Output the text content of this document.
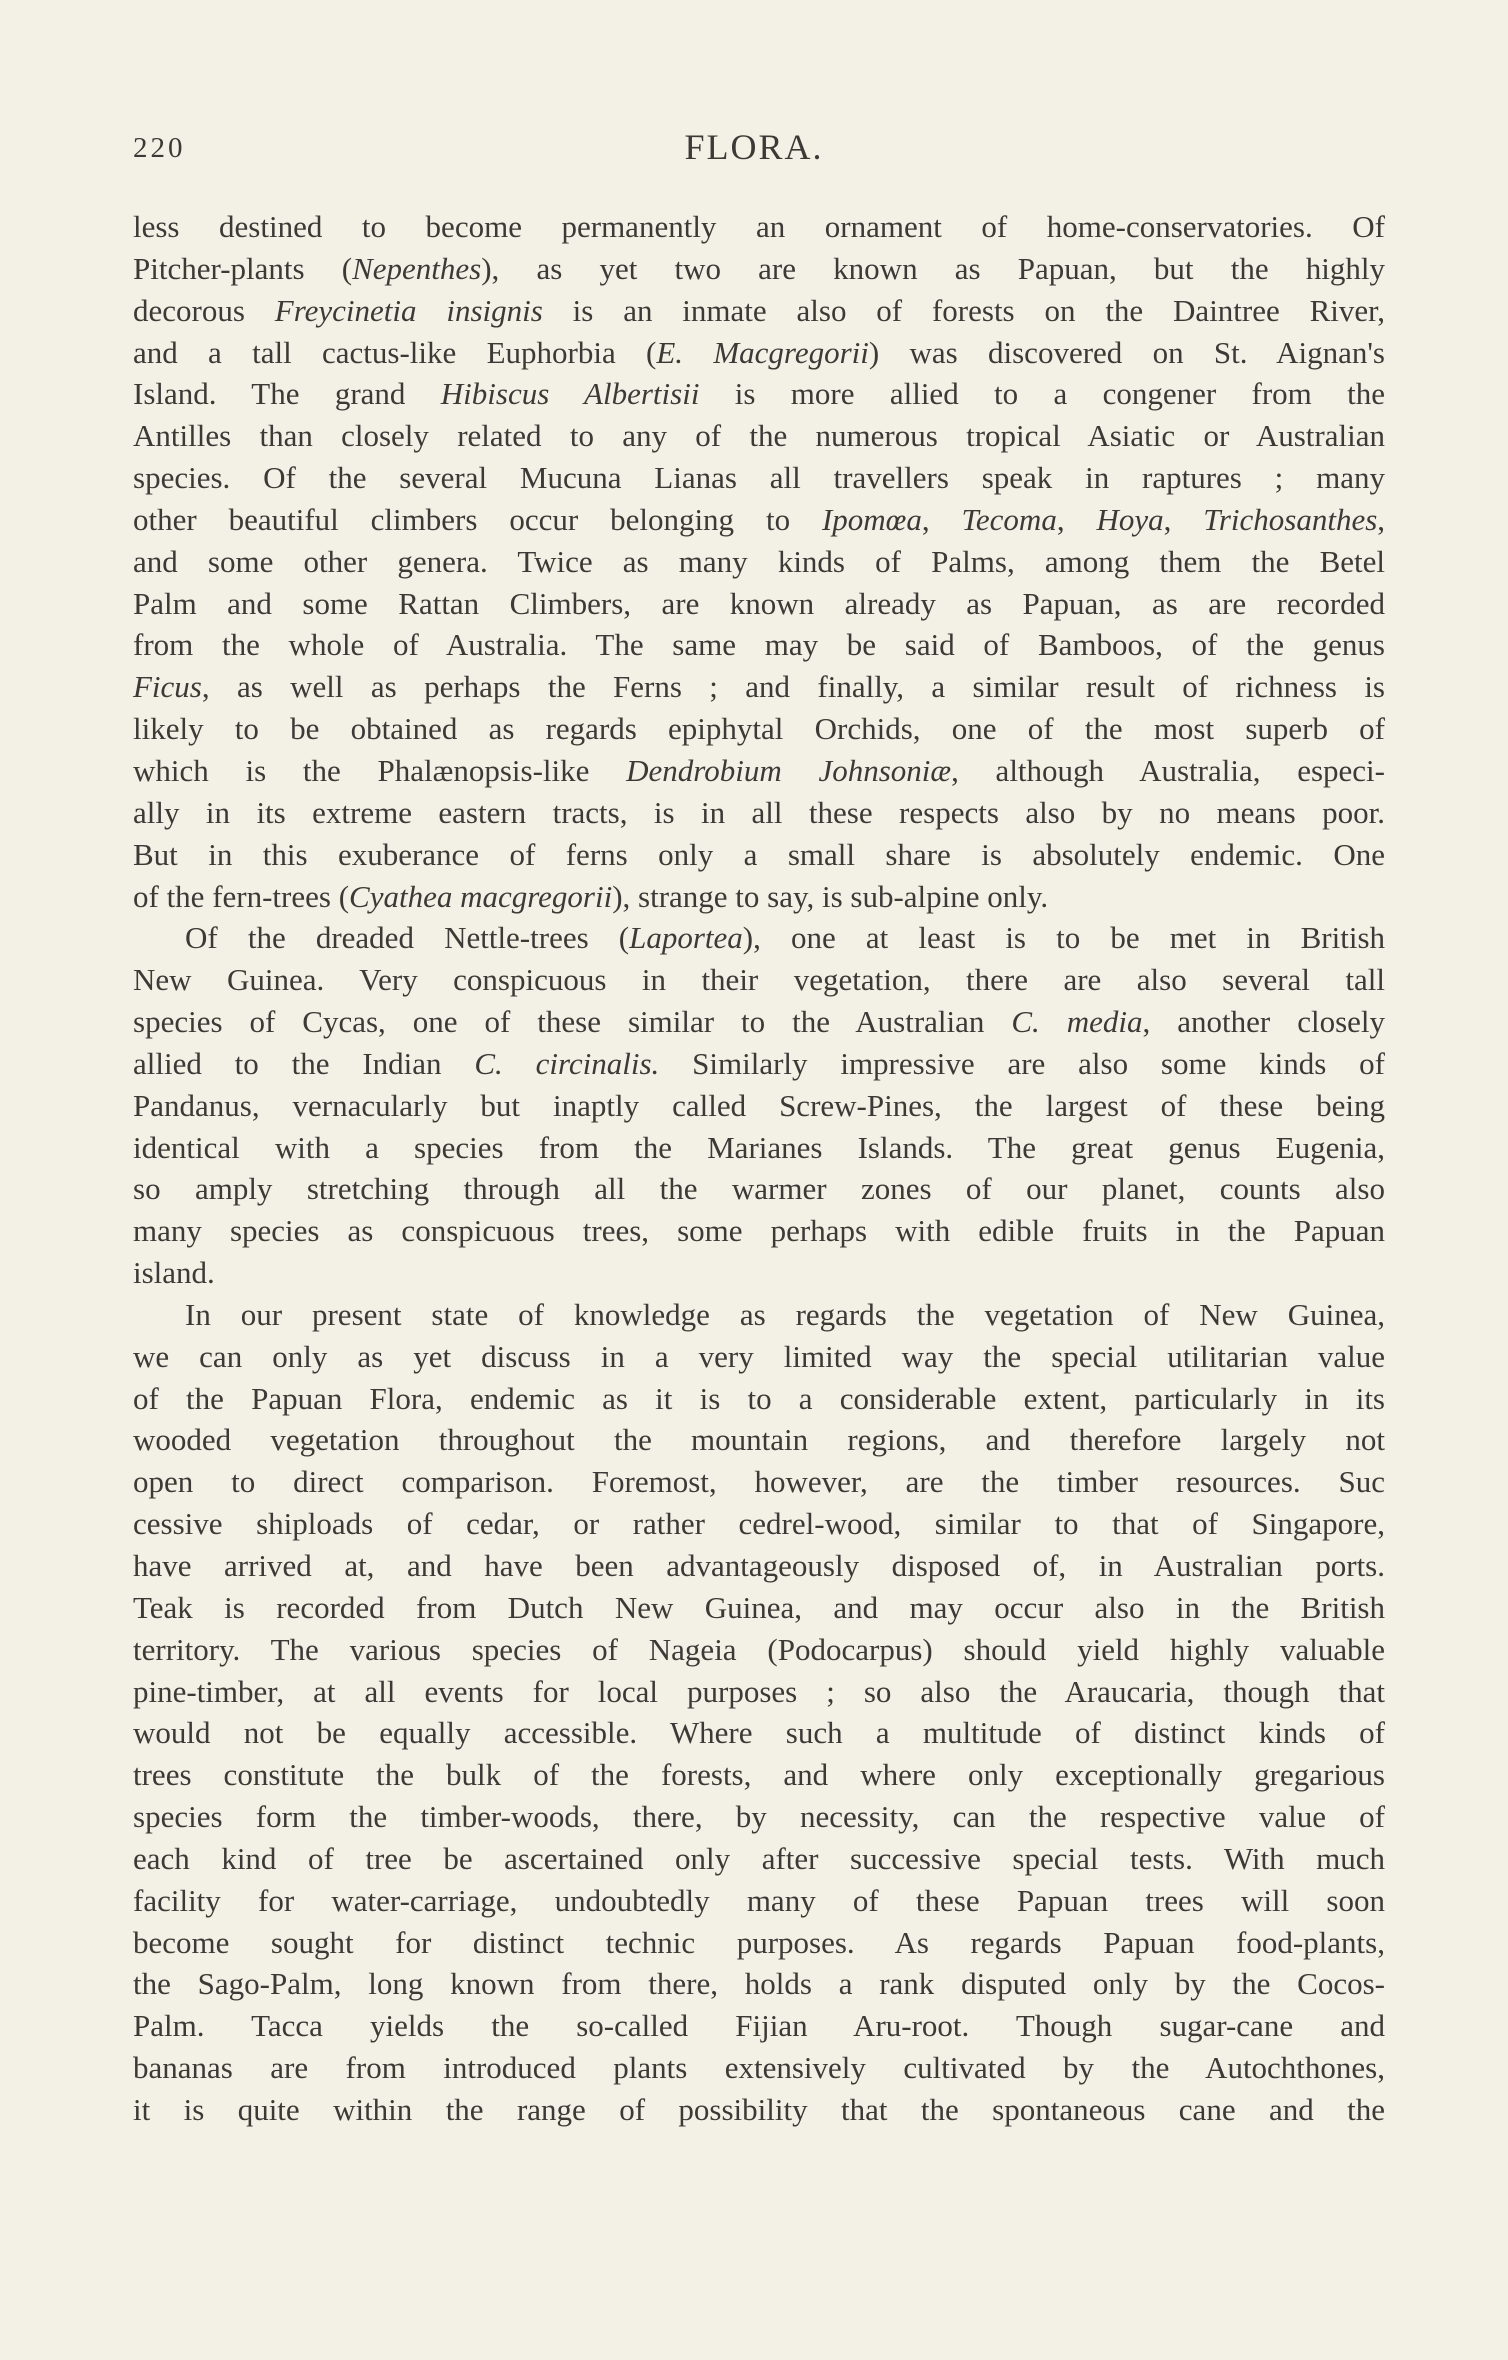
220	FLORA.
less destined to become permanently an ornament of home-conservatories. Of
Pitcher-plants (Nepenthes), as yet two are known as Papuan, but the highly
decorous Freycinetia insignis is an inmate also of forests on the Daintree River,
and a tall cactus-like Euphorbia (E. Macgregorii) was discovered on St. Aignan's
Island. The grand Hibiscus Albertisii is more allied to a congener from the
Antilles than closely related to any of the numerous tropical Asiatic or Australian
species. Of the several Mucuna Lianas all travellers speak in raptures ; many
other beautiful climbers occur belonging to Ipomœa, Tecoma, Hoya, Trichosanthes,
and some other genera. Twice as many kinds of Palms, among them the Betel
Palm and some Rattan Climbers, are known already as Papuan, as are recorded
from the whole of Australia. The same may be said of Bamboos, of the genus
Ficus, as well as perhaps the Ferns ; and finally, a similar result of richness is
likely to be obtained as regards epiphytal Orchids, one of the most superb of
which is the Phalænopsis-like Dendrobium Johnsoniæ, although Australia, especi-
ally in its extreme eastern tracts, is in all these respects also by no means poor.
But in this exuberance of ferns only a small share is absolutely endemic. One
of the fern-trees (Cyathea macgregorii), strange to say, is sub-alpine only.
Of the dreaded Nettle-trees (Laportea), one at least is to be met in British
New Guinea. Very conspicuous in their vegetation, there are also several tall
species of Cycas, one of these similar to the Australian C. media, another closely
allied to the Indian C. circinalis. Similarly impressive are also some kinds of
Pandanus, vernacularly but inaptly called Screw-Pines, the largest of these being
identical with a species from the Marianes Islands. The great genus Eugenia,
so amply stretching through all the warmer zones of our planet, counts also
many species as conspicuous trees, some perhaps with edible fruits in the Papuan
island.
In our present state of knowledge as regards the vegetation of New Guinea,
we can only as yet discuss in a very limited way the special utilitarian value
of the Papuan Flora, endemic as it is to a considerable extent, particularly in its
wooded vegetation throughout the mountain regions, and therefore largely not
open to direct comparison. Foremost, however, are the timber resources. Suc
cessive shiploads of cedar, or rather cedrel-wood, similar to that of Singapore,
have arrived at, and have been advantageously disposed of, in Australian ports.
Teak is recorded from Dutch New Guinea, and may occur also in the British
territory. The various species of Nageia (Podocarpus) should yield highly valuable
pine-timber, at all events for local purposes ; so also the Araucaria, though that
would not be equally accessible. Where such a multitude of distinct kinds of
trees constitute the bulk of the forests, and where only exceptionally gregarious
species form the timber-woods, there, by necessity, can the respective value of
each kind of tree be ascertained only after successive special tests. With much
facility for water-carriage, undoubtedly many of these Papuan trees will soon
become sought for distinct technic purposes. As regards Papuan food-plants,
the Sago-Palm, long known from there, holds a rank disputed only by the Cocos-
Palm. Tacca yields the so-called Fijian Aru-root. Though sugar-cane and
bananas are from introduced plants extensively cultivated by the Autochthones,
it is quite within the range of possibility that the spontaneous cane and the
